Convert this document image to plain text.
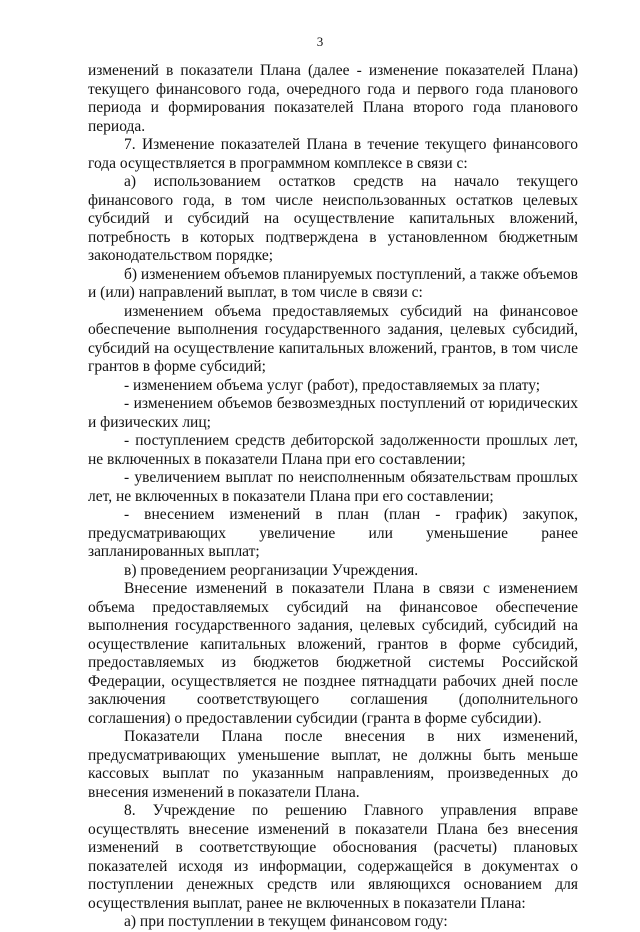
3

изменений в показатели Плана (далее - изменение показателей Плана) текущего финансового года, очередного года и первого года планового периода и формирования показателей Плана второго года планового периода.

7. Изменение показателей Плана в течение текущего финансового года осуществляется в программном комплексе в связи с:

а) использованием остатков средств на начало текущего финансового года, в том числе неиспользованных остатков целевых субсидий и субсидий на осуществление капитальных вложений, потребность в которых подтверждена в установленном бюджетным законодательством порядке;

б) изменением объемов планируемых поступлений, а также объемов и (или) направлений выплат, в том числе в связи с:

изменением объема предоставляемых субсидий на финансовое обеспечение выполнения государственного задания, целевых субсидий, субсидий на осуществление капитальных вложений, грантов, в том числе грантов в форме субсидий;

- изменением объема услуг (работ), предоставляемых за плату;

- изменением объемов безвозмездных поступлений от юридических и физических лиц;

- поступлением средств дебиторской задолженности прошлых лет, не включенных в показатели Плана при его составлении;

- увеличением выплат по неисполненным обязательствам прошлых лет, не включенных в показатели Плана при его составлении;

- внесением изменений в план (план - график) закупок, предусматривающих увеличение или уменьшение ранее запланированных выплат;

в) проведением реорганизации Учреждения.

Внесение изменений в показатели Плана в связи с изменением объема предоставляемых субсидий на финансовое обеспечение выполнения государственного задания, целевых субсидий, субсидий на осуществление капитальных вложений, грантов в форме субсидий, предоставляемых из бюджетов бюджетной системы Российской Федерации, осуществляется не позднее пятнадцати рабочих дней после заключения соответствующего соглашения (дополнительного соглашения) о предоставлении субсидии (гранта в форме субсидии).

Показатели Плана после внесения в них изменений, предусматривающих уменьшение выплат, не должны быть меньше кассовых выплат по указанным направлениям, произведенных до внесения изменений в показатели Плана.

8. Учреждение по решению Главного управления вправе осуществлять внесение изменений в показатели Плана без внесения изменений в соответствующие обоснования (расчеты) плановых показателей исходя из информации, содержащейся в документах о поступлении денежных средств или являющихся основанием для осуществления выплат, ранее не включенных в показатели Плана:

а) при поступлении в текущем финансовом году:
